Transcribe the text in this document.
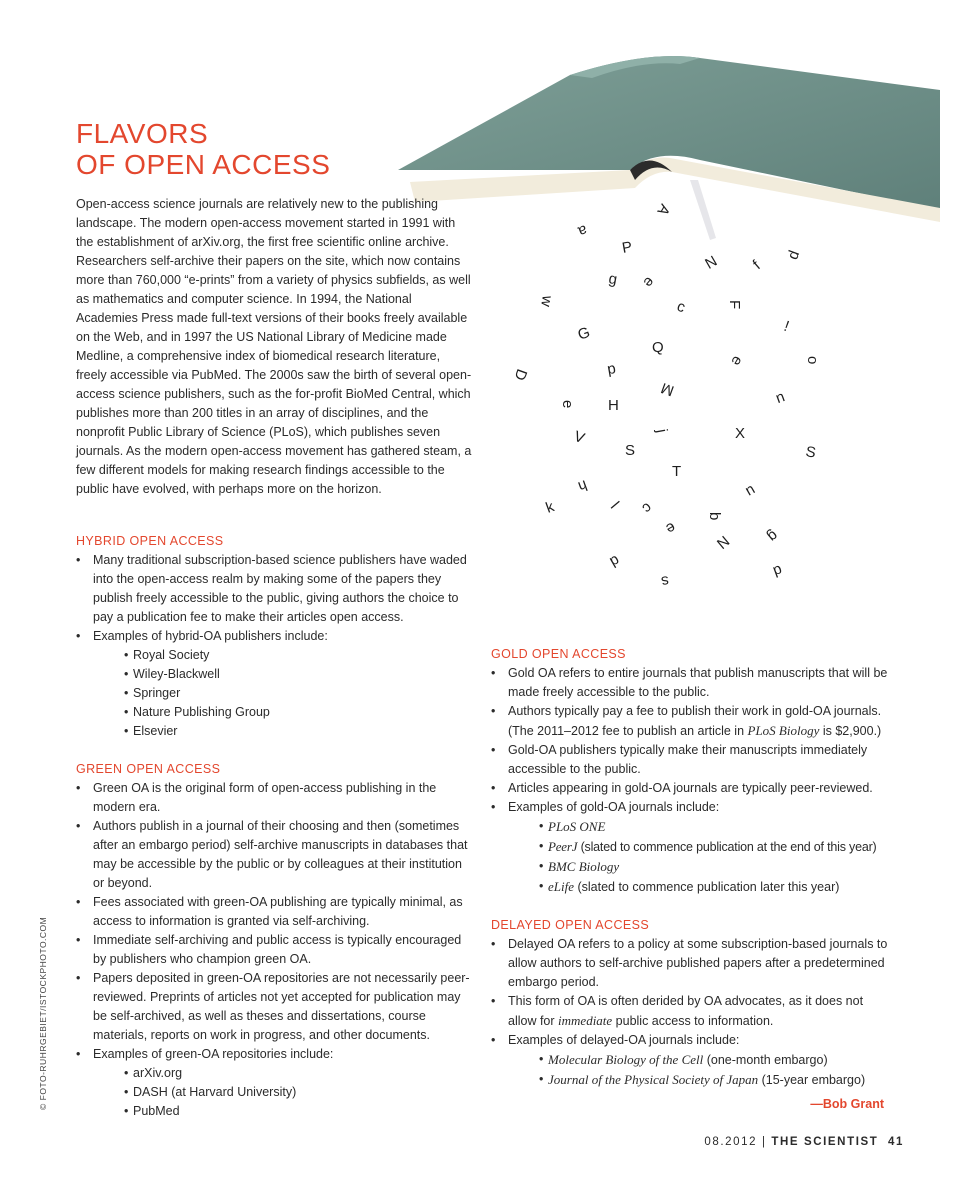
A
a
p
P
N f
g e
w	c	F
!
G
d
Q
e	o
D
M
e H	u
j	X
V
S	S
T
h	u
c
l
k	b
e	g
N
d
d
s
FLAVORS
OF OPEN ACCESS

Open-access science journals are relatively new to the publishing landscape. The modern open-access movement started in 1991 with the establishment of arXiv.org, the first free scientific online archive. Researchers self-archive their papers on the site, which now contains more than 760,000 “e-prints” from a variety of physics subfields, as well as mathematics and computer science. In 1994, the National Academies Press made full-text versions of their books freely available on the Web, and in 1997 the US National Library of Medicine made Medline, a comprehensive index of biomedical research literature, freely accessible via PubMed. The 2000s saw the birth of several open-access science publishers, such as the for-profit BioMed Central, which publishes more than 200 titles in an array of disciplines, and the nonprofit Public Library of Science (PLoS), which publishes seven journals. As the modern open-access movement has gathered steam, a few different models for making research findings accessible to the public have evolved, with perhaps more on the horizon.

HYBRID OPEN ACCESS
• Many traditional subscription-based science publishers have waded into the open-access realm by making some of the papers they publish freely accessible to the public, giving authors the choice to pay a publication fee to make their articles open access.
• Examples of hybrid-OA publishers include:
• Royal Society
• Wiley-Blackwell
• Springer
• Nature Publishing Group
• Elsevier
GREEN OPEN ACCESS
• Green OA is the original form of open-access publishing in the modern era.
• Authors publish in a journal of their choosing and then (sometimes after an embargo period) self-archive manuscripts in databases that may be accessible by the public or by colleagues at their institution or beyond.
• Fees associated with green-OA publishing are typically minimal, as access to information is granted via self-archiving.
• Immediate self-archiving and public access is typically encouraged by publishers who champion green OA.
• Papers deposited in green-OA repositories are not necessarily peer-reviewed. Preprints of articles not yet accepted for publication may be self-archived, as well as theses and dissertations, course materials, reports on work in progress, and other documents.
• Examples of green-OA repositories include:
• arXiv.org
• DASH (at Harvard University)
• PubMed
GOLD OPEN ACCESS
• Gold OA refers to entire journals that publish manuscripts that will be made freely accessible to the public.
• Authors typically pay a fee to publish their work in gold-OA journals. (The 2011–2012 fee to publish an article in PLoS Biology is $2,900.)
• Gold-OA publishers typically make their manuscripts immediately accessible to the public.
• Articles appearing in gold-OA journals are typically peer-reviewed.
• Examples of gold-OA journals include:
• PLoS ONE
• PeerJ (slated to commence publication at the end of this year)
• BMC Biology
• eLife (slated to commence publication later this year)
DELAYED OPEN ACCESS
• Delayed OA refers to a policy at some subscription-based journals to allow authors to self-archive published papers after a predetermined embargo period.
• This form of OA is often derided by OA advocates, as it does not allow for immediate public access to information.
• Examples of delayed-OA journals include:
• Molecular Biology of the Cell (one-month embargo)
• Journal of the Physical Society of Japan (15-year embargo)
—Bob Grant
08.2012 | THE SCIENTIST 41
© FOTO-RUHRGEBIET/ISTOCKPHOTO.COM
